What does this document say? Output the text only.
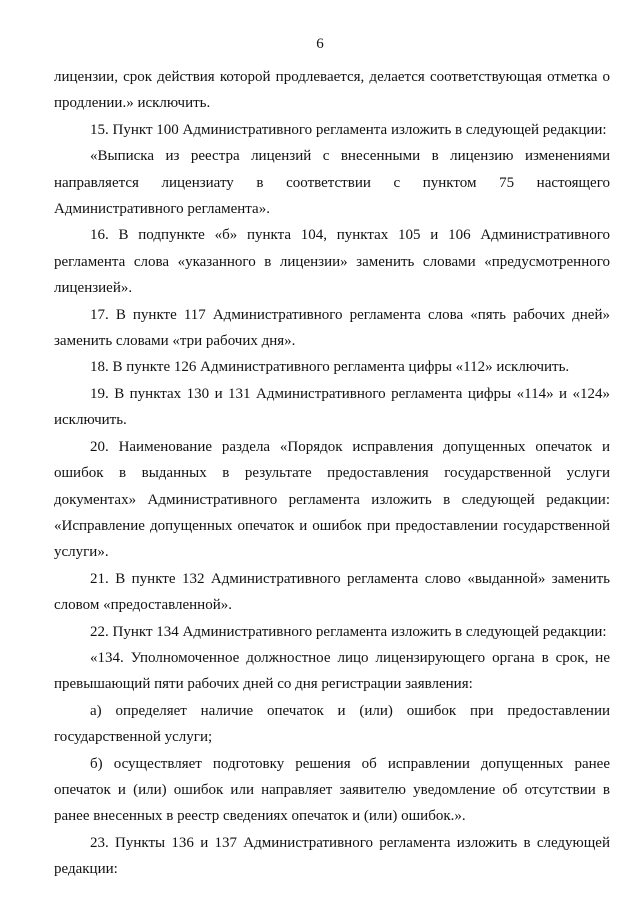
6

лицензии, срок действия которой продлевается, делается соответствующая отметка о продлении.» исключить.

15. Пункт 100 Административного регламента изложить в следующей редакции:

«Выписка из реестра лицензий с внесенными в лицензию изменениями направляется лицензиату в соответствии с пунктом 75 настоящего Административного регламента».

16. В подпункте «б» пункта 104, пунктах 105 и 106 Административного регламента слова «указанного в лицензии» заменить словами «предусмотренного лицензией».

17. В пункте 117 Административного регламента слова «пять рабочих дней» заменить словами «три рабочих дня».

18. В пункте 126 Административного регламента цифры «112» исключить.

19. В пунктах 130 и 131 Административного регламента цифры «114» и «124» исключить.

20. Наименование раздела «Порядок исправления допущенных опечаток и ошибок в выданных в результате предоставления государственной услуги документах» Административного регламента изложить в следующей редакции: «Исправление допущенных опечаток и ошибок при предоставлении государственной услуги».

21. В пункте 132 Административного регламента слово «выданной» заменить словом «предоставленной».

22. Пункт 134 Административного регламента изложить в следующей редакции:

«134. Уполномоченное должностное лицо лицензирующего органа в срок, не превышающий пяти рабочих дней со дня регистрации заявления:

а) определяет наличие опечаток и (или) ошибок при предоставлении государственной услуги;

б) осуществляет подготовку решения об исправлении допущенных ранее опечаток и (или) ошибок или направляет заявителю уведомление об отсутствии в ранее внесенных в реестр сведениях опечаток и (или) ошибок.».

23. Пункты 136 и 137 Административного регламента изложить в следующей редакции:
